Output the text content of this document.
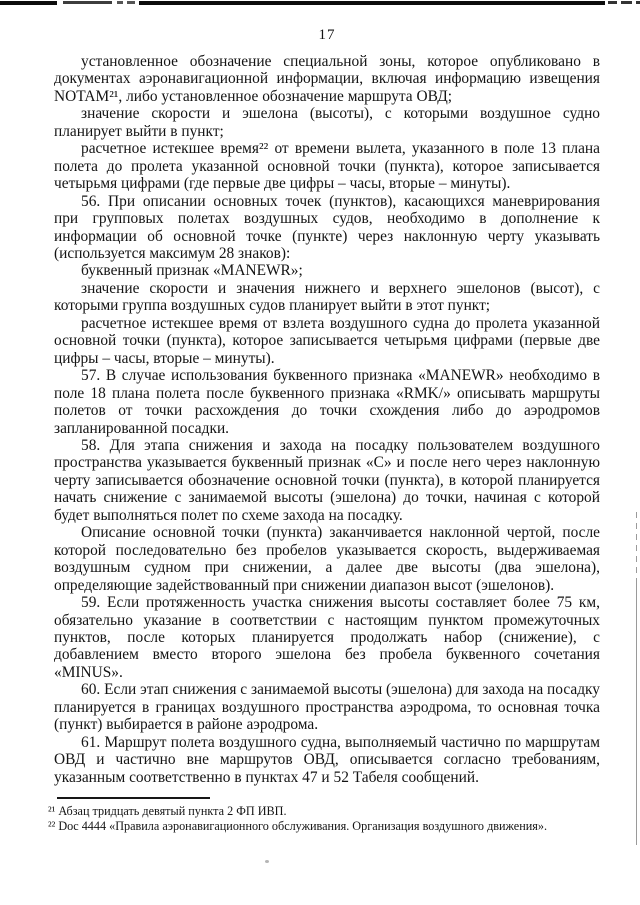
17

установленное обозначение специальной зоны, которое опубликовано в документах аэронавигационной информации, включая информацию извещения NOTAM²¹, либо установленное обозначение маршрута ОВД;

значение скорости и эшелона (высоты), с которыми воздушное судно планирует выйти в пункт;

расчетное истекшее время²² от времени вылета, указанного в поле 13 плана полета до пролета указанной основной точки (пункта), которое записывается четырьмя цифрами (где первые две цифры – часы, вторые – минуты).

56. При описании основных точек (пунктов), касающихся маневрирования при групповых полетах воздушных судов, необходимо в дополнение к информации об основной точке (пункте) через наклонную черту указывать (используется максимум 28 знаков):

буквенный признак «MANEWR»;

значение скорости и значения нижнего и верхнего эшелонов (высот), с которыми группа воздушных судов планирует выйти в этот пункт;

расчетное истекшее время от взлета воздушного судна до пролета указанной основной точки (пункта), которое записывается четырьмя цифрами (первые две цифры – часы, вторые – минуты).

57. В случае использования буквенного признака «MANEWR» необходимо в поле 18 плана полета после буквенного признака «RMK/» описывать маршруты полетов от точки расхождения до точки схождения либо до аэродромов запланированной посадки.

58. Для этапа снижения и захода на посадку пользователем воздушного пространства указывается буквенный признак «С» и после него через наклонную черту записывается обозначение основной точки (пункта), в которой планируется начать снижение с занимаемой высоты (эшелона) до точки, начиная с которой будет выполняться полет по схеме захода на посадку.

Описание основной точки (пункта) заканчивается наклонной чертой, после которой последовательно без пробелов указывается скорость, выдерживаемая воздушным судном при снижении, а далее две высоты (два эшелона), определяющие задействованный при снижении диапазон высот (эшелонов).

59. Если протяженность участка снижения высоты составляет более 75 км, обязательно указание в соответствии с настоящим пунктом промежуточных пунктов, после которых планируется продолжать набор (снижение), с добавлением вместо второго эшелона без пробела буквенного сочетания «MINUS».

60. Если этап снижения с занимаемой высоты (эшелона) для захода на посадку планируется в границах воздушного пространства аэродрома, то основная точка (пункт) выбирается в районе аэродрома.

61. Маршрут полета воздушного судна, выполняемый частично по маршрутам ОВД и частично вне маршрутов ОВД, описывается согласно требованиям, указанным соответственно в пунктах 47 и 52 Табеля сообщений.

²¹ Абзац тридцать девятый пункта 2 ФП ИВП.

²² Doc 4444 «Правила аэронавигационного обслуживания. Организация воздушного движения».
